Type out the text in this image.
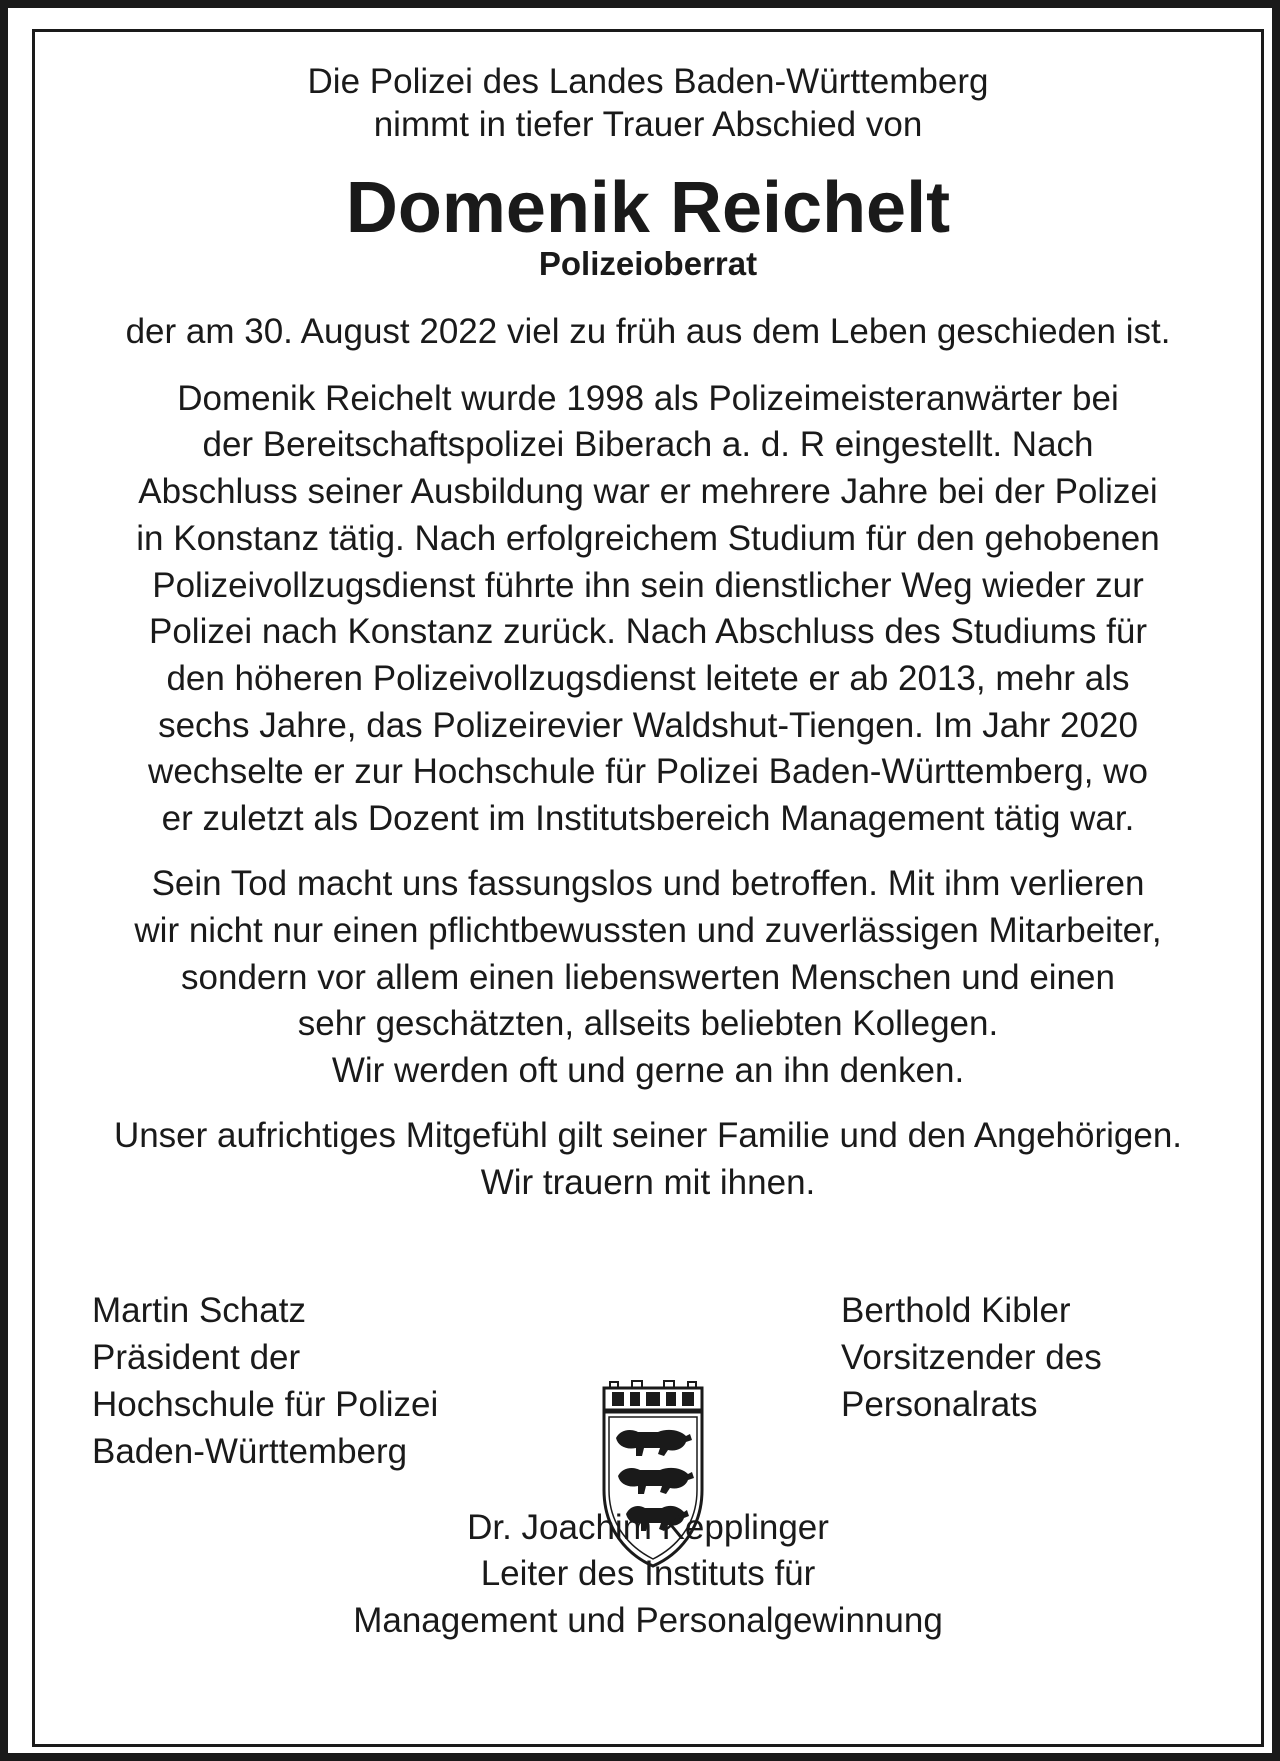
Die Polizei des Landes Baden-Württemberg

nimmt in tiefer Trauer Abschied von

Domenik Reichelt

Polizeioberrat

der am 30. August 2022 viel zu früh aus dem Leben geschieden ist.

Domenik Reichelt wurde 1998 als Polizeimeisteranwärter bei

der Bereitschaftspolizei Biberach a. d. R eingestellt. Nach

Abschluss seiner Ausbildung war er mehrere Jahre bei der Polizei

in Konstanz tätig. Nach erfolgreichem Studium für den gehobenen

Polizeivollzugsdienst führte ihn sein dienstlicher Weg wieder zur

Polizei nach Konstanz zurück. Nach Abschluss des Studiums für

den höheren Polizeivollzugsdienst leitete er ab 2013, mehr als

sechs Jahre, das Polizeirevier Waldshut-Tiengen. Im Jahr 2020

wechselte er zur Hochschule für Polizei Baden-Württemberg, wo

er zuletzt als Dozent im Institutsbereich Management tätig war.

Sein Tod macht uns fassungslos und betroffen. Mit ihm verlieren

wir nicht nur einen pflichtbewussten und zuverlässigen Mitarbeiter,

sondern vor allem einen liebenswerten Menschen und einen

sehr geschätzten, allseits beliebten Kollegen.

Wir werden oft und gerne an ihn denken.

Unser aufrichtiges Mitgefühl gilt seiner Familie und den Angehörigen.

Wir trauern mit ihnen.

Martin Schatz

Präsident der

Hochschule für Polizei

Baden-Württemberg

Berthold Kibler

Vorsitzender des

Personalrats

Dr. Joachim Kepplinger

Leiter des Instituts für

Management und Personalgewinnung
